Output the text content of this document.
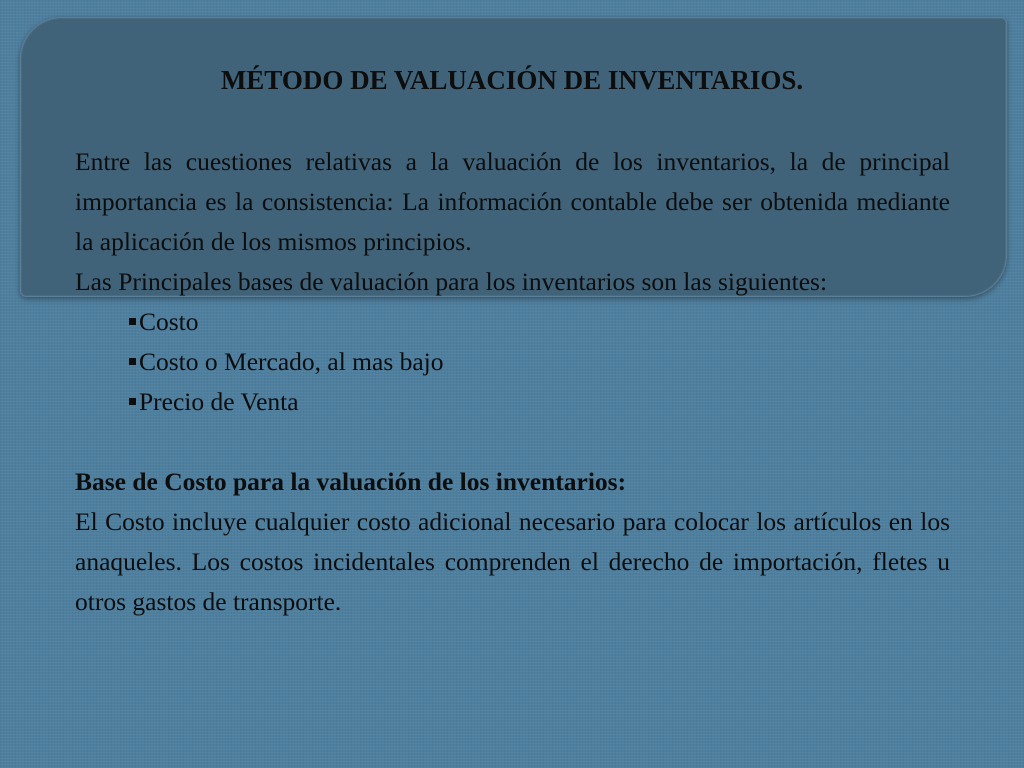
MÉTODO DE VALUACIÓN DE INVENTARIOS.

Entre las cuestiones relativas a la valuación de los inventarios, la de principal importancia es la consistencia: La información contable debe ser obtenida mediante la aplicación de los mismos principios.

Las Principales bases de valuación para los inventarios son las siguientes:

Costo
Costo o Mercado, al mas bajo
Precio de Venta

Base de Costo para la valuación de los inventarios:

El Costo incluye cualquier costo adicional necesario para colocar los artículos en los anaqueles. Los costos incidentales comprenden el derecho de importación, fletes u otros gastos de transporte.
